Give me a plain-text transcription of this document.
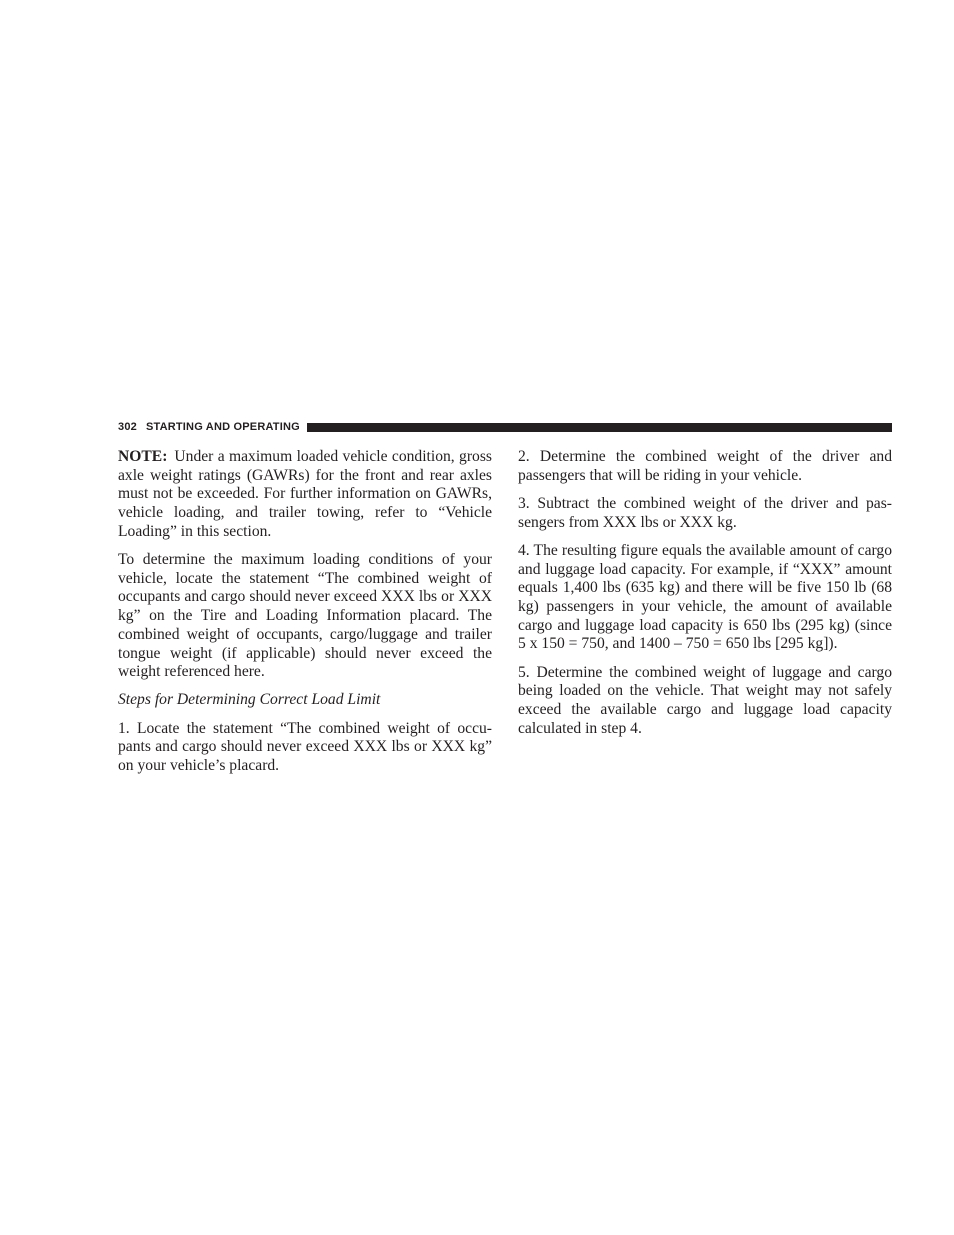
302 STARTING AND OPERATING

NOTE: Under a maximum loaded vehicle condition, gross axle weight ratings (GAWRs) for the front and rear axles must not be exceeded. For further information on GAWRs, vehicle loading, and trailer towing, refer to “Vehicle Loading” in this section.

To determine the maximum loading conditions of your vehicle, locate the statement “The combined weight of occupants and cargo should never exceed XXX lbs or XXX kg” on the Tire and Loading Information placard. The combined weight of occupants, cargo/luggage and trailer tongue weight (if applicable) should never exceed the weight referenced here.

Steps for Determining Correct Load Limit

1. Locate the statement “The combined weight of occupants and cargo should never exceed XXX lbs or XXX kg” on your vehicle’s placard.

2. Determine the combined weight of the driver and passengers that will be riding in your vehicle.

3. Subtract the combined weight of the driver and passengers from XXX lbs or XXX kg.

4. The resulting figure equals the available amount of cargo and luggage load capacity. For example, if “XXX” amount equals 1,400 lbs (635 kg) and there will be five 150 lb (68 kg) passengers in your vehicle, the amount of available cargo and luggage load capacity is 650 lbs (295 kg) (since 5 x 150 = 750, and 1400 – 750 = 650 lbs [295 kg]).

5. Determine the combined weight of luggage and cargo being loaded on the vehicle. That weight may not safely exceed the available cargo and luggage load capacity calculated in step 4.
